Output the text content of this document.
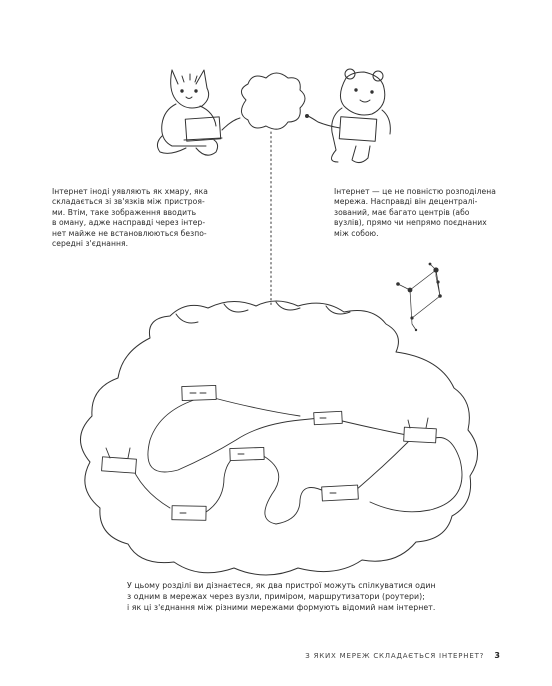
Інтернет іноді уявляють як хмару, яка
складається зі зв'язків між пристроя-
ми. Втім, таке зображення вводить
в оману, адже насправді через інтер-
нет майже не встановлюються безпо-
середні з'єднання.
Інтернет — це не повністю розподілена
мережа. Насправді він децентралі-
зований, має багато центрів (або
вузлів), прямо чи непрямо поєднаних
між собою.
У цьому розділі ви дізнаєтеся, як два пристрої можуть спілкуватися один
з одним в мережах через вузли, приміром, маршрутизатори (роутери);
і як ці з'єднання між різними мережами формують відомий нам інтернет.
З ЯКИХ МЕРЕЖ СКЛАДАЄТЬСЯ ІНТЕРНЕТ? 3
